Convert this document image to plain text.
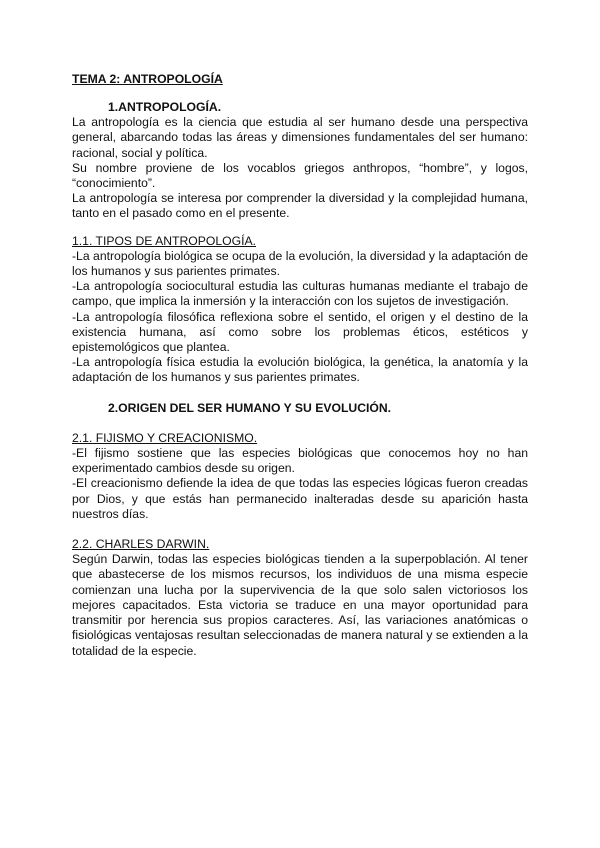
TEMA 2: ANTROPOLOGÍA

1.ANTROPOLOGÍA.

La antropología es la ciencia que estudia al ser humano desde una perspectiva general, abarcando todas las áreas y dimensiones fundamentales del ser humano: racional, social y política.

Su nombre proviene de los vocablos griegos anthropos, “hombre”, y logos, “conocimiento”.

La antropología se interesa por comprender la diversidad y la complejidad humana, tanto en el pasado como en el presente.

1.1. TIPOS DE ANTROPOLOGÍA.

-La antropología biológica se ocupa de la evolución, la diversidad y la adaptación de los humanos y sus parientes primates.

-La antropología sociocultural estudia las culturas humanas mediante el trabajo de campo, que implica la inmersión y la interacción con los sujetos de investigación.

-La antropología filosófica reflexiona sobre el sentido, el origen y el destino de la existencia humana, así como sobre los problemas éticos, estéticos y epistemológicos que plantea.

-La antropología física estudia la evolución biológica, la genética, la anatomía y la adaptación de los humanos y sus parientes primates.

2.ORIGEN DEL SER HUMANO Y SU EVOLUCIÓN.

2.1. FIJISMO Y CREACIONISMO.

-El fijismo sostiene que las especies biológicas que conocemos hoy no han experimentado cambios desde su origen.

-El creacionismo defiende la idea de que todas las especies lógicas fueron creadas por Dios, y que estás han permanecido inalteradas desde su aparición hasta nuestros días.

2.2. CHARLES DARWIN.

Según Darwin, todas las especies biológicas tienden a la superpoblación. Al tener que abastecerse de los mismos recursos, los individuos de una misma especie comienzan una lucha por la supervivencia de la que solo salen victoriosos los mejores capacitados. Esta victoria se traduce en una mayor oportunidad para transmitir por herencia sus propios caracteres. Así, las variaciones anatómicas o fisiológicas ventajosas resultan seleccionadas de manera natural y se extienden a la totalidad de la especie.
